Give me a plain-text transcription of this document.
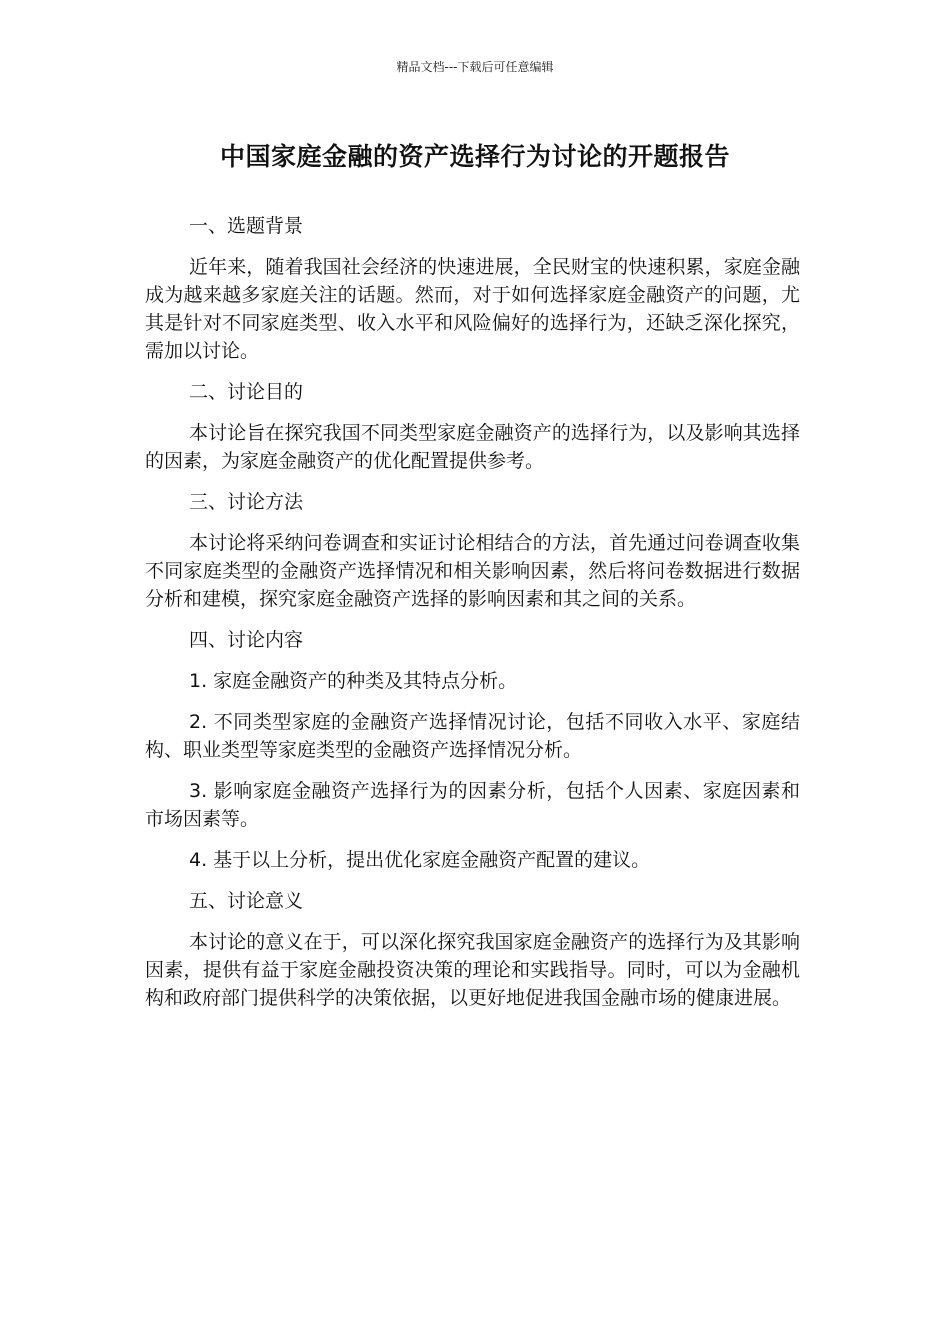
精品文档---下载后可任意编辑
中国家庭金融的资产选择行为讨论的开题报告
一、选题背景
近年来，随着我国社会经济的快速进展，全民财宝的快速积累，家庭金融成为越来越多家庭关注的话题。然而，对于如何选择家庭金融资产的问题，尤其是针对不同家庭类型、收入水平和风险偏好的选择行为，还缺乏深化探究，需加以讨论。
二、讨论目的
本讨论旨在探究我国不同类型家庭金融资产的选择行为，以及影响其选择的因素，为家庭金融资产的优化配置提供参考。
三、讨论方法
本讨论将采纳问卷调查和实证讨论相结合的方法，首先通过问卷调查收集不同家庭类型的金融资产选择情况和相关影响因素，然后将问卷数据进行数据分析和建模，探究家庭金融资产选择的影响因素和其之间的关系。
四、讨论内容
1. 家庭金融资产的种类及其特点分析。
2. 不同类型家庭的金融资产选择情况讨论，包括不同收入水平、家庭结构、职业类型等家庭类型的金融资产选择情况分析。
3. 影响家庭金融资产选择行为的因素分析，包括个人因素、家庭因素和市场因素等。
4. 基于以上分析，提出优化家庭金融资产配置的建议。
五、讨论意义
本讨论的意义在于，可以深化探究我国家庭金融资产的选择行为及其影响因素，提供有益于家庭金融投资决策的理论和实践指导。同时，可以为金融机构和政府部门提供科学的决策依据，以更好地促进我国金融市场的健康进展。
